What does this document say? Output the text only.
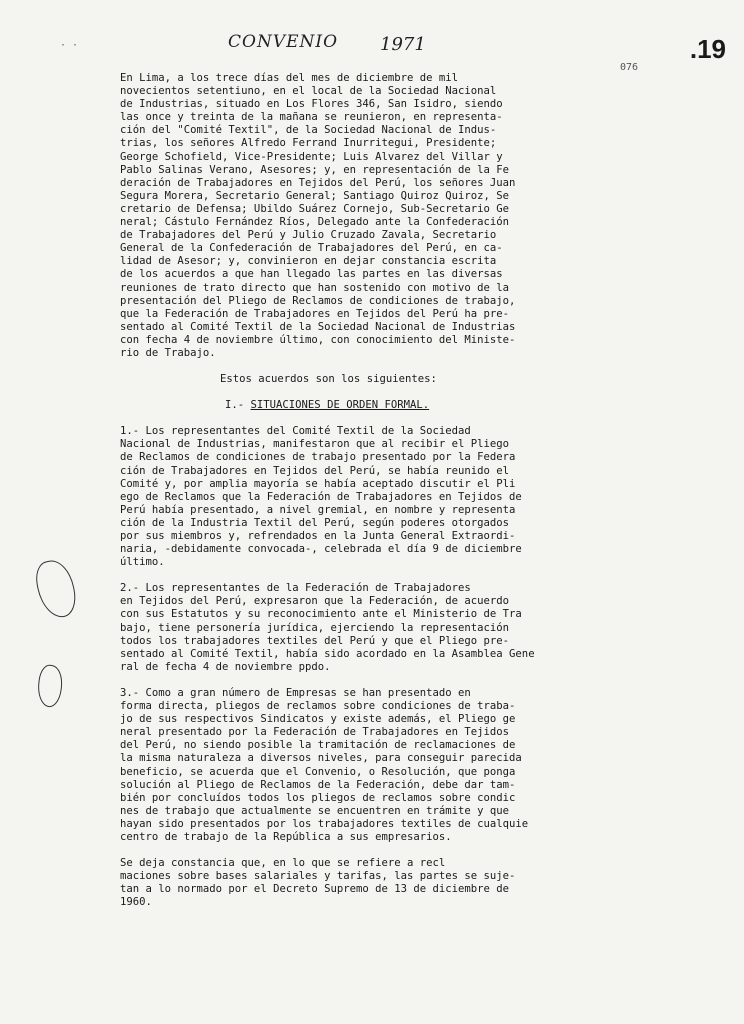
· ·	CONVENIO 1971	.19
076

En Lima, a los trece días del mes de diciembre de mil
novecientos setentiuno, en el local de la Sociedad Nacional
de Industrias, situado en Los Flores 346, San Isidro, siendo
las once y treinta de la mañana se reunieron, en representa-
ción del "Comité Textil", de la Sociedad Nacional de Indus-
trias, los señores Alfredo Ferrand Inurritegui, Presidente;
George Schofield, Vice-Presidente; Luis Alvarez del Villar y
Pablo Salinas Verano, Asesores; y, en representación de la Fe
deración de Trabajadores en Tejidos del Perú, los señores Juan
Segura Morera, Secretario General; Santiago Quiroz Quiroz, Se
cretario de Defensa; Ubildo Suárez Cornejo, Sub-Secretario Ge
neral; Cástulo Fernández Ríos, Delegado ante la Confederación
de Trabajadores del Perú y Julio Cruzado Zavala, Secretario
General de la Confederación de Trabajadores del Perú, en ca-
lidad de Asesor; y, convinieron en dejar constancia escrita
de los acuerdos a que han llegado las partes en las diversas
reuniones de trato directo que han sostenido con motivo de la
presentación del Pliego de Reclamos de condiciones de trabajo,
que la Federación de Trabajadores en Tejidos del Perú ha pre-
sentado al Comité Textil de la Sociedad Nacional de Industrias
con fecha 4 de noviembre último, con conocimiento del Ministe-
rio de Trabajo.

Estos acuerdos son los siguientes:

I.- SITUACIONES DE ORDEN FORMAL.

1.- Los representantes del Comité Textil de la Sociedad
Nacional de Industrias, manifestaron que al recibir el Pliego
de Reclamos de condiciones de trabajo presentado por la Federa
ción de Trabajadores en Tejidos del Perú, se había reunido el
Comité y, por amplia mayoría se había aceptado discutir el Pli
ego de Reclamos que la Federación de Trabajadores en Tejidos de
Perú había presentado, a nivel gremial, en nombre y representa
ción de la Industria Textil del Perú, según poderes otorgados
por sus miembros y, refrendados en la Junta General Extraordi-
naria, -debidamente convocada-, celebrada el día 9 de diciembre
último.

2.- Los representantes de la Federación de Trabajadores
en Tejidos del Perú, expresaron que la Federación, de acuerdo
con sus Estatutos y su reconocimiento ante el Ministerio de Tra
bajo, tiene personería jurídica, ejerciendo la representación
todos los trabajadores textiles del Perú y que el Pliego pre-
sentado al Comité Textil, había sido acordado en la Asamblea Gene
ral de fecha 4 de noviembre ppdo.

3.- Como a gran número de Empresas se han presentado en
forma directa, pliegos de reclamos sobre condiciones de traba-
jo de sus respectivos Sindicatos y existe además, el Pliego ge
neral presentado por la Federación de Trabajadores en Tejidos
del Perú, no siendo posible la tramitación de reclamaciones de
la misma naturaleza a diversos niveles, para conseguir parecida
beneficio, se acuerda que el Convenio, o Resolución, que ponga
solución al Pliego de Reclamos de la Federación, debe dar tam-
bién por concluídos todos los pliegos de reclamos sobre condic
nes de trabajo que actualmente se encuentren en trámite y que
hayan sido presentados por los trabajadores textiles de cualquie
centro de trabajo de la República a sus empresarios.

Se deja constancia que, en lo que se refiere a recl
maciones sobre bases salariales y tarifas, las partes se suje-
tan a lo normado por el Decreto Supremo de 13 de diciembre de
1960.
